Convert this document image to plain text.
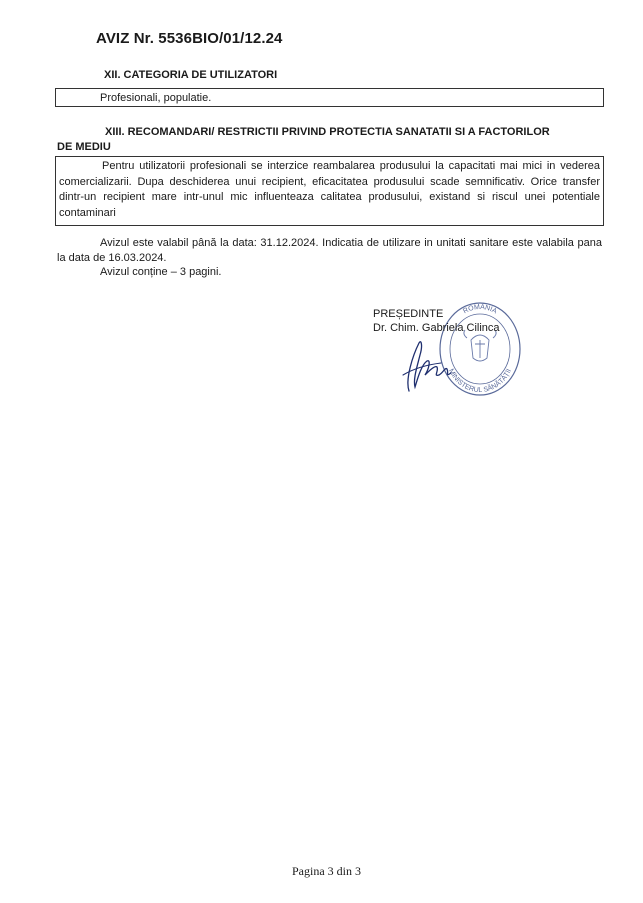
AVIZ Nr. 5536BIO/01/12.24
XII. CATEGORIA DE UTILIZATORI
Profesionali, populatie.
XIII. RECOMANDARI/ RESTRICTII PRIVIND PROTECTIA SANATATII SI A FACTORILOR
DE MEDIU
Pentru utilizatorii profesionali se interzice reambalarea produsului la capacitati mai mici in vederea comercializarii. Dupa deschiderea unui recipient, eficacitatea produsului scade semnificativ. Orice transfer dintr-un recipient mare intr-unul mic influenteaza calitatea produsului, existand si riscul unei potentiale contaminari
Avizul este valabil până la data: 31.12.2024. Indicatia de utilizare in unitati sanitare este valabila pana la data de 16.03.2024.
Avizul conține – 3 pagini.
ROMÂNIA
MINISTERUL SĂNĂTĂȚII
PREȘEDINTE
Dr. Chim. Gabriela Cilinca
Pagina 3 din 3
